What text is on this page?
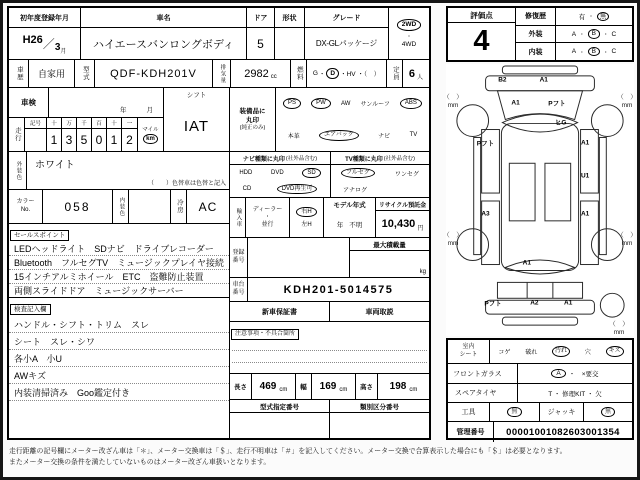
初年度登録年月
H26 ／ 3 月
車名
ハイエースバンロングボディ
ドア
5
形状	グレード
DX-GLパッケージ
2WD
・
4WD
車歴	自家用	型式	QDF-KDH201V	排気量	2982 cc	燃料	G ・ D ・HV ・（　）	定員 6 人
車検
年	月
走行
記号	十	万	千	百	十	一
1 3 5 0 1 2
マイル
km
シフト
IAT
外装色	ホワイト
（　　）色替車は色替と記入
カラー
No.	058	内装色	冷房	AC
セールスポイント
LEDヘッドライト　SDナビ　ドライブレコーダー
Bluetooth　フルセグTV　ミュージックプレイヤ接続
15インチアルミホイール　ETC　盗難防止装置
両側スライドドア　ミュージックサーバー
検査記入欄
ハンドル・シフト・トリム　スレ
シート　スレ・シワ
各小A　小U
AWキズ
内装清掃済み　Goo鑑定付き
装備品に
丸印
(純正のみ)
PS	PW	AW サンルーフ	ABS
本革	エアバック	ナビ	TV
ナビ種類に丸印 (社外品含む)
HDD	DVD	SD
CD	DVD再生可
TV種類に丸印 (社外品含む)
フルセグ	ワンセグ
アナログ
輸入車	ディーラー
・
並行
右H
左H
モデル年式
年 不明
リサイクル預託金
10,430 円
登録
番号
最大積載量
kg
車台
番号	KDH201-5014575
新車保証書	車両取説
注意事項・不具合箇所
長さ	469 cm	幅	169 cm	高さ	198 cm
型式指定番号	類別区分番号
評価点
4
修復歴	有 ・ 無
外装	A ・	B	・ C
内装	A ・	B	・ C
B2	A1
A1	Pフト
ヒG
Pフト	A1
U1
A3	A1
A1
Pフト	A2	A1
（　）
mm
（　）
mm
（　）
mm
（　）
mm
（　）
mm
室内
シート	コゲ 破れ	汚れ	穴	キズ
フロントガラス	A	・　×要交
スペアタイヤ	T ・ 修理KIT ・ 欠
工具	無	ジャッキ	無
管理番号	00001001082603001354
走行距離の記号欄にメーター改ざん車は「＊」、メーター交換車は「＄」、走行不明車は「＃」を記入してください。メーター交換で合算表示した場合にも「＄」は必要となります。
またメーター交換の条件を満たしていないものはメーター改ざん車扱いとなります。
